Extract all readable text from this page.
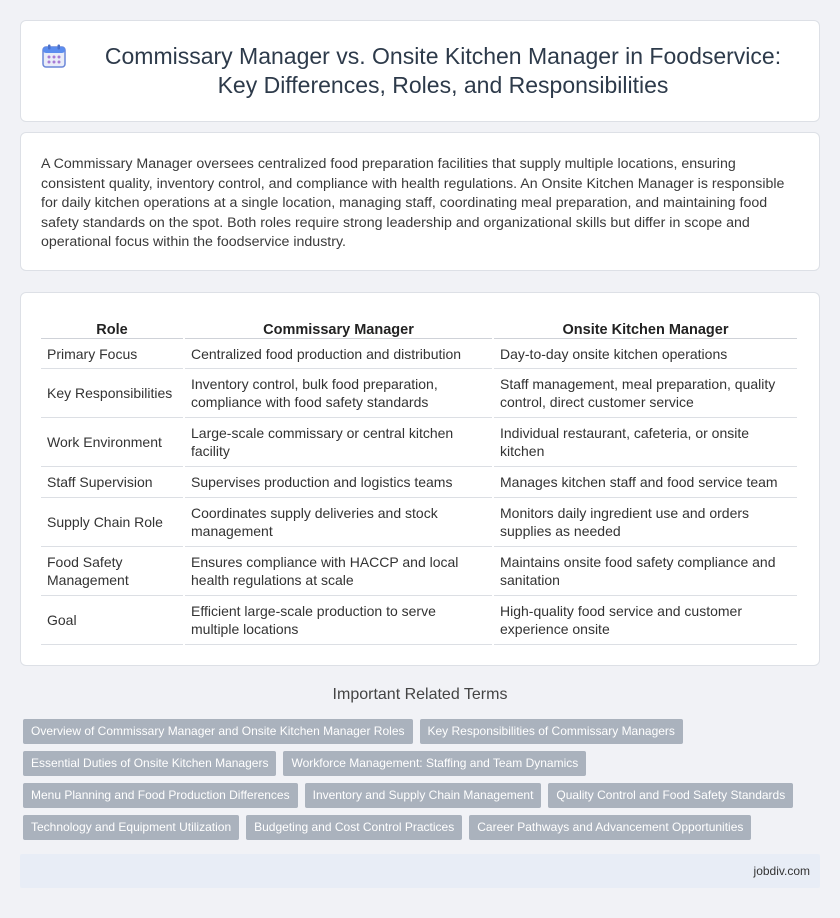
Commissary Manager vs. Onsite Kitchen Manager in Foodservice: Key Differences, Roles, and Responsibilities

A Commissary Manager oversees centralized food preparation facilities that supply multiple locations, ensuring consistent quality, inventory control, and compliance with health regulations. An Onsite Kitchen Manager is responsible for daily kitchen operations at a single location, managing staff, coordinating meal preparation, and maintaining food safety standards on the spot. Both roles require strong leadership and organizational skills but differ in scope and operational focus within the foodservice industry.

Role	Commissary Manager	Onsite Kitchen Manager
Primary Focus	Centralized food production and distribution	Day-to-day onsite kitchen operations
Key Responsibilities	Inventory control, bulk food preparation, compliance with food safety standards	Staff management, meal preparation, quality control, direct customer service
Work Environment	Large-scale commissary or central kitchen facility	Individual restaurant, cafeteria, or onsite kitchen
Staff Supervision	Supervises production and logistics teams	Manages kitchen staff and food service team
Supply Chain Role	Coordinates supply deliveries and stock management	Monitors daily ingredient use and orders supplies as needed
Food Safety Management	Ensures compliance with HACCP and local health regulations at scale	Maintains onsite food safety compliance and sanitation
Goal	Efficient large-scale production to serve multiple locations	High-quality food service and customer experience onsite
Important Related Terms
Overview of Commissary Manager and Onsite Kitchen Manager Roles	Key Responsibilities of Commissary Managers
Essential Duties of Onsite Kitchen Managers	Workforce Management: Staffing and Team Dynamics
Menu Planning and Food Production Differences	Inventory and Supply Chain Management	Quality Control and Food Safety Standards
Technology and Equipment Utilization	Budgeting and Cost Control Practices	Career Pathways and Advancement Opportunities
jobdiv.com
